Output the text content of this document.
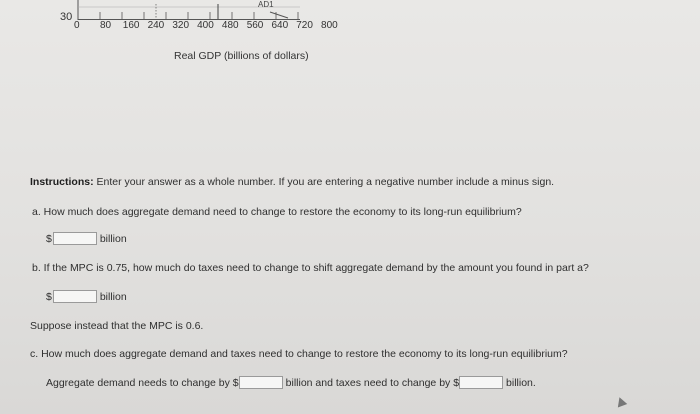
30
0 80 160 240 320 400 480 560 640 720 800
AD1
Real GDP (billions of dollars)
Instructions: Enter your answer as a whole number. If you are entering a negative number include a minus sign.
a. How much does aggregate demand need to change to restore the economy to its long-run equilibrium?
$	billion
b. If the MPC is 0.75, how much do taxes need to change to shift aggregate demand by the amount you found in part a?
$	billion
Suppose instead that the MPC is 0.6.
c. How much does aggregate demand and taxes need to change to restore the economy to its long-run equilibrium?
Aggregate demand needs to change by $	billion and taxes need to change by $	billion.
